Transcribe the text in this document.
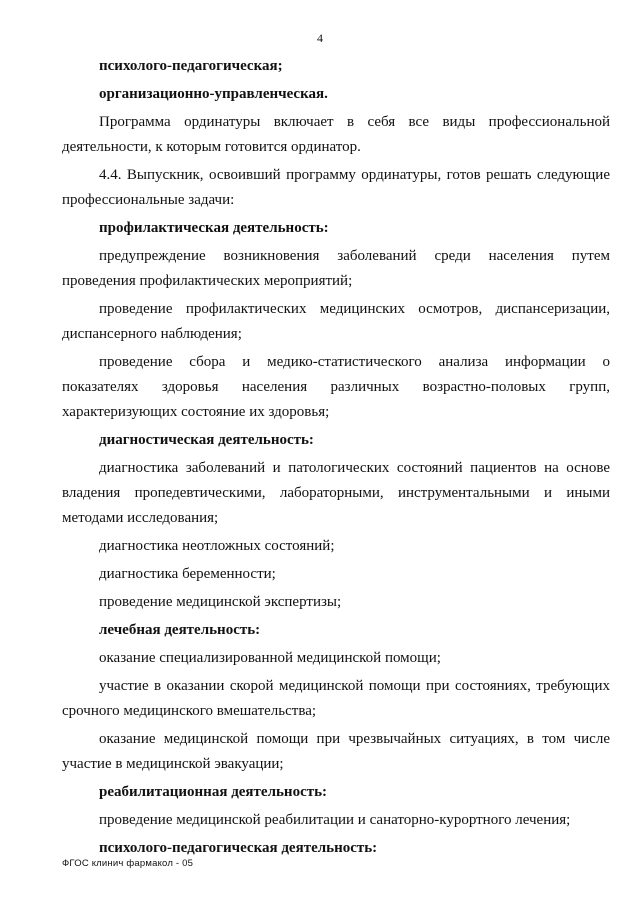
4
психолого-педагогическая;
организационно-управленческая.
Программа ординатуры включает в себя все виды профессиональной деятельности, к которым готовится ординатор.
4.4. Выпускник, освоивший программу ординатуры, готов решать следующие профессиональные задачи:
профилактическая деятельность:
предупреждение возникновения заболеваний среди населения путем проведения профилактических мероприятий;
проведение профилактических медицинских осмотров, диспансеризации, диспансерного наблюдения;
проведение сбора и медико-статистического анализа информации о показателях здоровья населения различных возрастно-половых групп, характеризующих состояние их здоровья;
диагностическая деятельность:
диагностика заболеваний и патологических состояний пациентов на основе владения пропедевтическими, лабораторными, инструментальными и иными методами исследования;
диагностика неотложных состояний;
диагностика беременности;
проведение медицинской экспертизы;
лечебная деятельность:
оказание специализированной медицинской помощи;
участие в оказании скорой медицинской помощи при состояниях, требующих срочного медицинского вмешательства;
оказание медицинской помощи при чрезвычайных ситуациях, в том числе участие в медицинской эвакуации;
реабилитационная деятельность:
проведение медицинской реабилитации и санаторно-курортного лечения;
психолого-педагогическая деятельность:
ФГОС клинич фармакол - 05
